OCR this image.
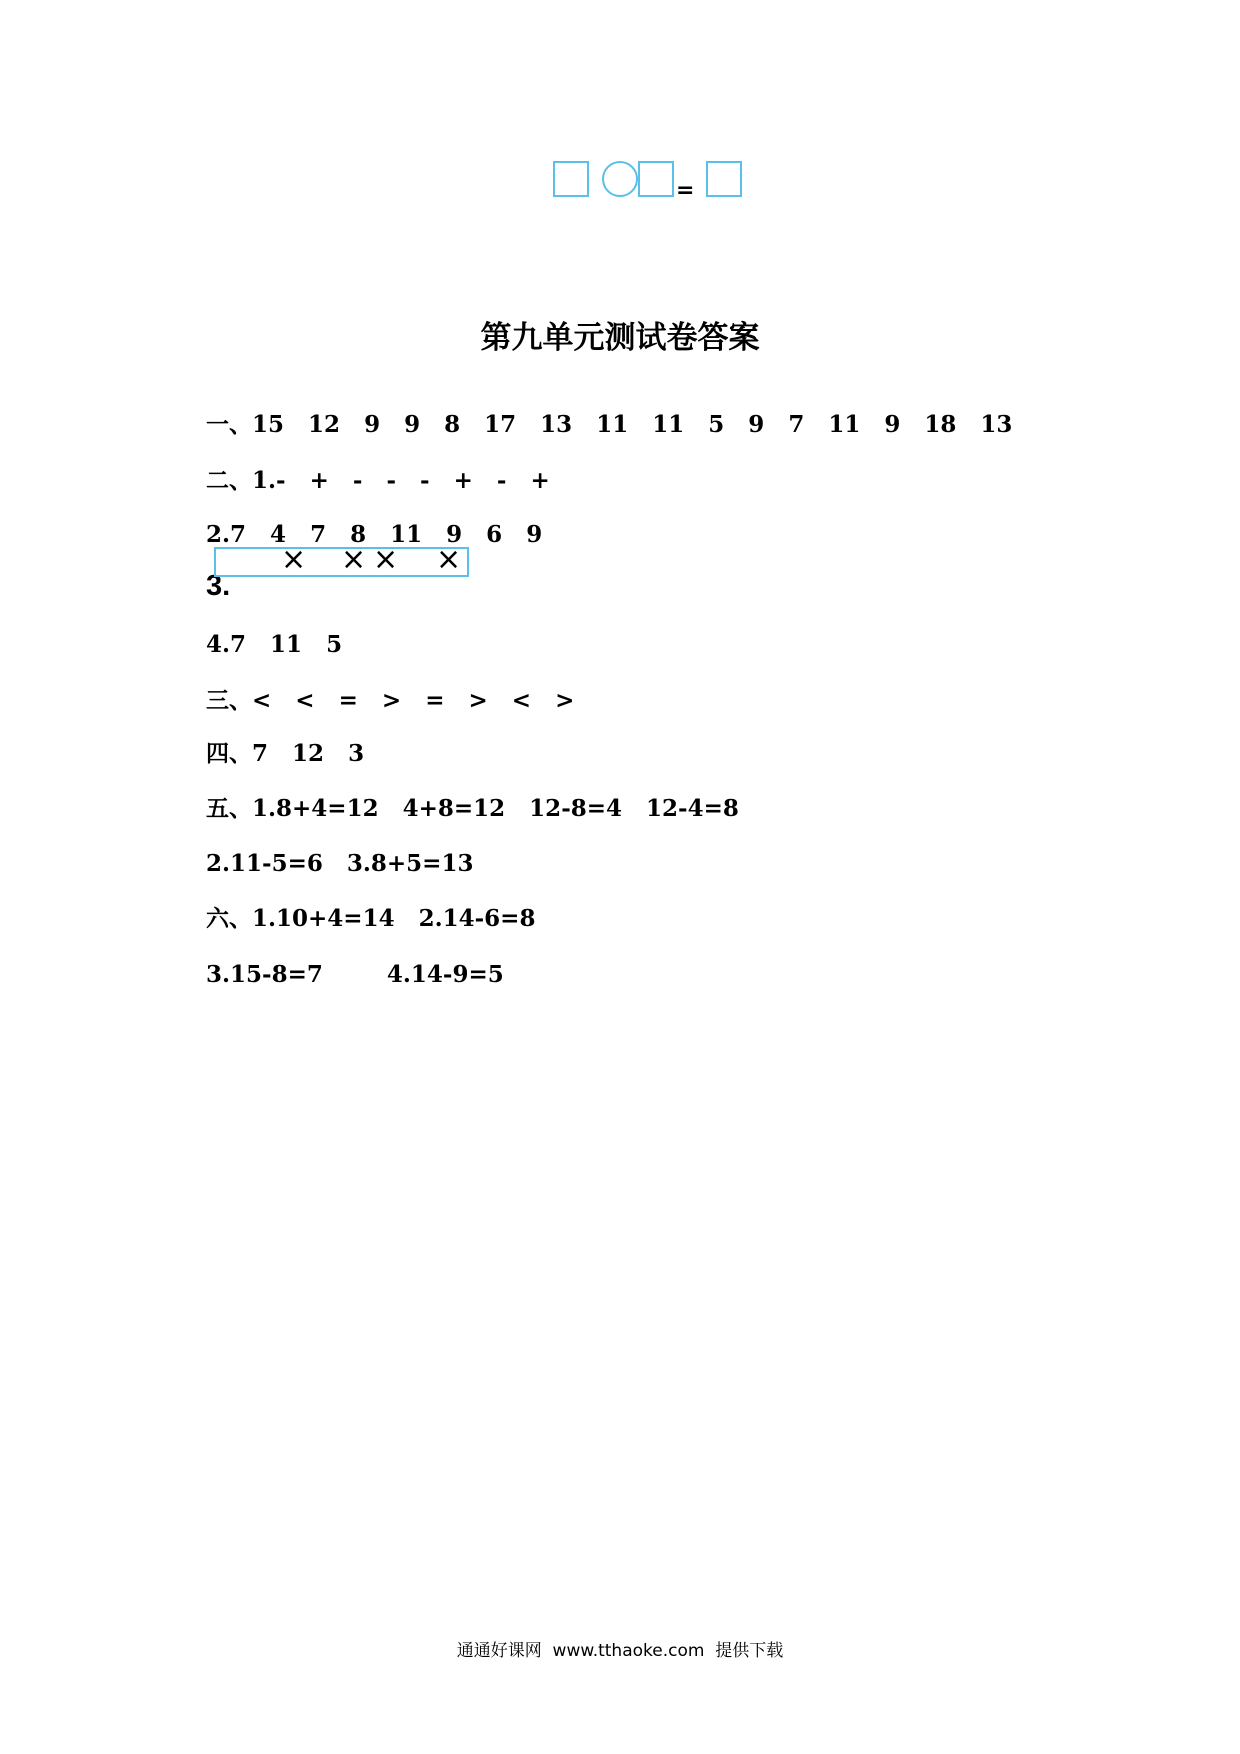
=
第九单元测试卷答案

一、15   12   9   9   8   17   13   11   11   5   9   7   11   9   18   13

二、1.-   +   -   -   -   +   -   +

2.7   4   7   8   11   9   6   9

3.

× × × ×

4.7   11   5

三、<   <   =   >   =   >   <   >

四、7   12   3

五、1.8+4=12   4+8=12   12-8=4   12-4=8

2.11-5=6   3.8+5=13

六、1.10+4=14   2.14-6=8

3.15-8=7        4.14-9=5

通通好课网  www.tthaoke.com  提供下载
